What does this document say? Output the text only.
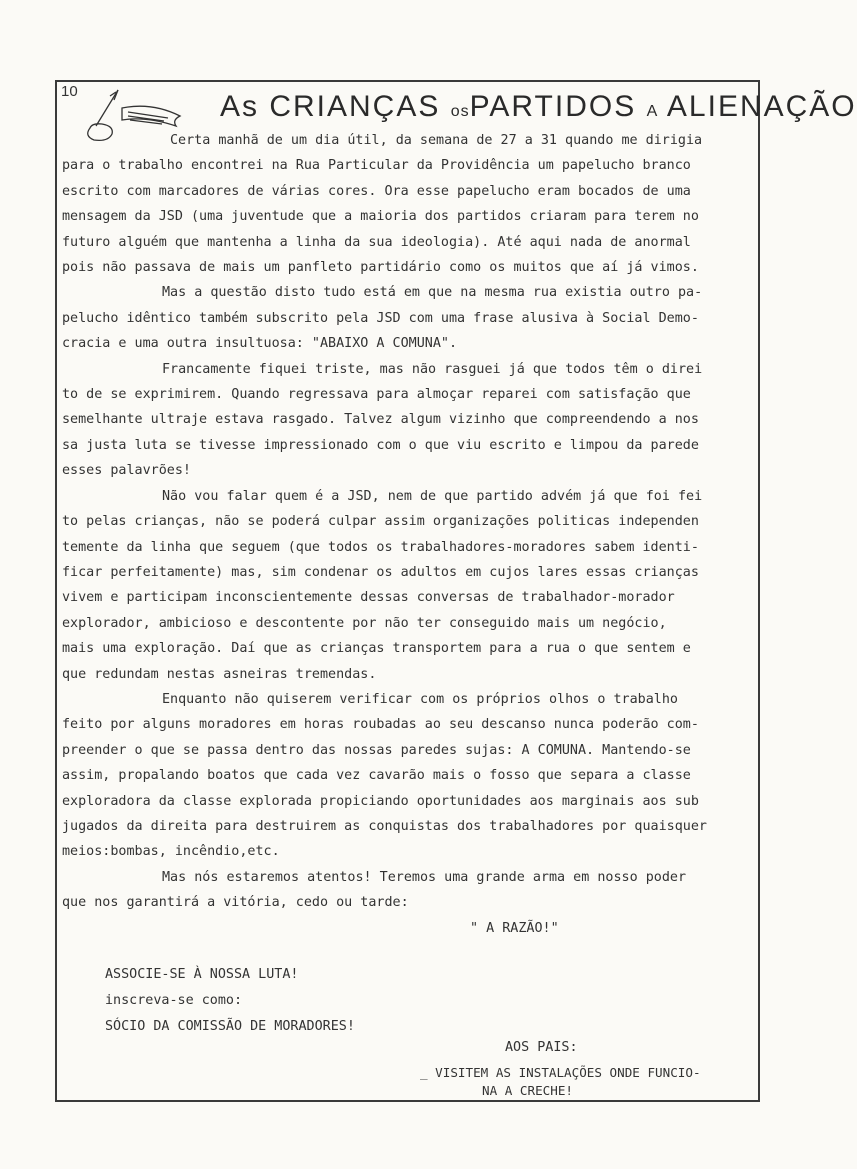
10	As CRIANÇAS osPARTIDOS A ALIENAÇÃO

Certa manhã de um dia útil, da semana de 27 a 31 quando me dirigia

para o trabalho encontrei na Rua Particular da Providência um papelucho branco

escrito com marcadores de várias cores. Ora esse papelucho eram bocados de uma

mensagem da JSD (uma juventude que a maioria dos partidos criaram para terem no

futuro alguém que mantenha a linha da sua ideologia). Até aqui nada de anormal

pois não passava de mais um panfleto partidário como os muitos que aí já vimos.

Mas a questão disto tudo está em que na mesma rua existia outro pa-

pelucho idêntico também subscrito pela JSD com uma frase alusiva à Social Demo-

cracia e uma outra insultuosa: "ABAIXO A COMUNA".

Francamente fiquei triste, mas não rasguei já que todos têm o direi

to de se exprimirem. Quando regressava para almoçar reparei com satisfação que

semelhante ultraje estava rasgado. Talvez algum vizinho que compreendendo a nos

sa justa luta se tivesse impressionado com o que viu escrito e limpou da parede

esses palavrões!

Não vou falar quem é a JSD, nem de que partido advém já que foi fei

to pelas crianças, não se poderá culpar assim organizações politicas independen

temente da linha que seguem (que todos os trabalhadores-moradores sabem identi-

ficar perfeitamente) mas, sim condenar os adultos em cujos lares essas crianças

vivem e participam inconscientemente dessas conversas de trabalhador-morador

explorador, ambicioso e descontente por não ter conseguido mais um negócio,

mais uma exploração. Daí que as crianças transportem para a rua o que sentem e

que redundam nestas asneiras tremendas.

Enquanto não quiserem verificar com os próprios olhos o trabalho

feito por alguns moradores em horas roubadas ao seu descanso nunca poderão com-

preender o que se passa dentro das nossas paredes sujas: A COMUNA. Mantendo-se

assim, propalando boatos que cada vez cavarão mais o fosso que separa a classe

exploradora da classe explorada propiciando oportunidades aos marginais aos sub

jugados da direita para destruirem as conquistas dos trabalhadores por quaisquer

meios:bombas, incêndio,etc.

Mas nós estaremos atentos! Teremos uma grande arma em nosso poder

que nos garantirá a vitória, cedo ou tarde:

" A RAZÃO!"

ASSOCIE-SE À NOSSA LUTA!

inscreva-se como:

SÓCIO DA COMISSÃO DE MORADORES!

AOS PAIS:

_ VISITEM AS INSTALAÇÕES ONDE FUNCIO-

NA A CRECHE!
